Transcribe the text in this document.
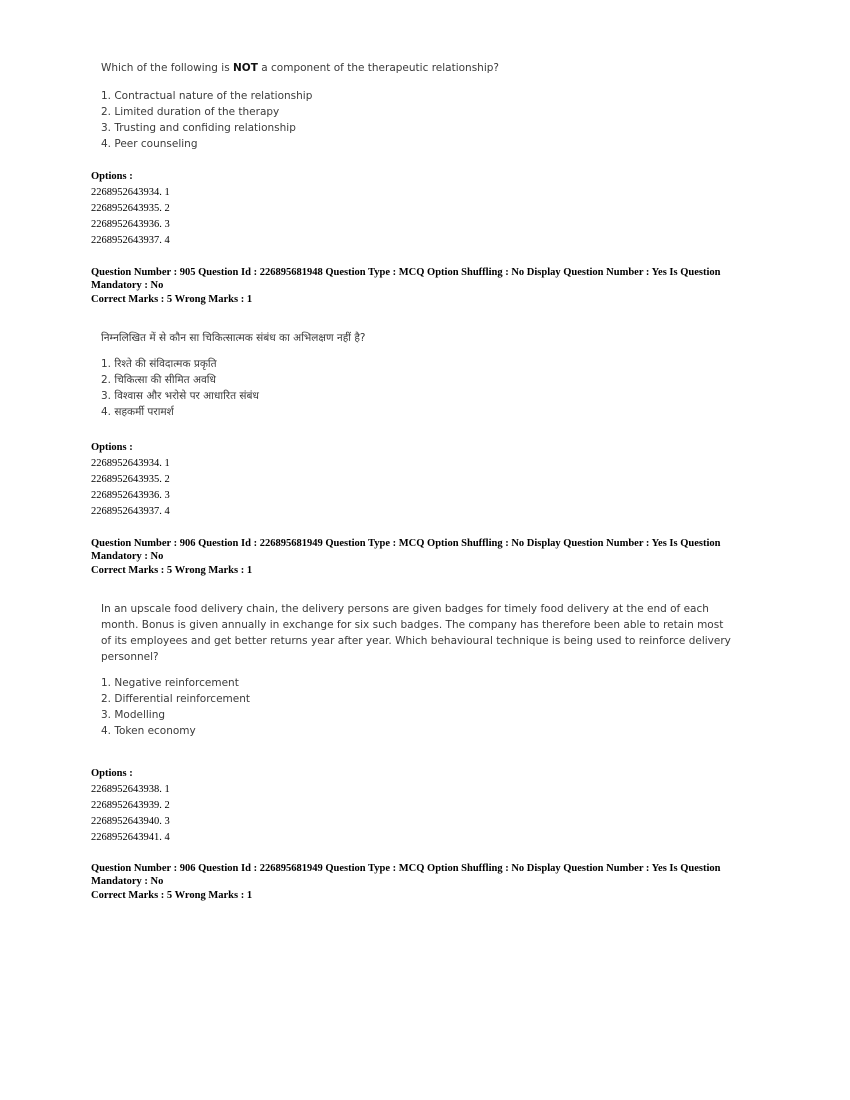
Which of the following is NOT a component of the therapeutic relationship?

1. Contractual nature of the relationship
2. Limited duration of the therapy
3. Trusting and confiding relationship
4. Peer counseling
Options :
2268952643934. 1
2268952643935. 2
2268952643936. 3
2268952643937. 4
Question Number : 905 Question Id : 226895681948 Question Type : MCQ Option Shuffling : No Display Question Number : Yes Is Question
Mandatory : No
Correct Marks : 5 Wrong Marks : 1

निम्नलिखित में से कौन सा चिकित्सात्मक संबंध का अभिलक्षण नहीं है?

1. रिश्ते की संविदात्मक प्रकृति
2. चिकित्सा की सीमित अवधि
3. विश्वास और भरोसे पर आधारित संबंध
4. सहकर्मी परामर्श
Options :
2268952643934. 1
2268952643935. 2
2268952643936. 3
2268952643937. 4
Question Number : 906 Question Id : 226895681949 Question Type : MCQ Option Shuffling : No Display Question Number : Yes Is Question
Mandatory : No
Correct Marks : 5 Wrong Marks : 1

In an upscale food delivery chain, the delivery persons are given badges for timely food delivery at the end of each
month. Bonus is given annually in exchange for six such badges. The company has therefore been able to retain most
of its employees and get better returns year after year. Which behavioural technique is being used to reinforce delivery
personnel?

1. Negative reinforcement
2. Differential reinforcement
3. Modelling
4. Token economy
Options :
2268952643938. 1
2268952643939. 2
2268952643940. 3
2268952643941. 4
Question Number : 906 Question Id : 226895681949 Question Type : MCQ Option Shuffling : No Display Question Number : Yes Is Question
Mandatory : No
Correct Marks : 5 Wrong Marks : 1
